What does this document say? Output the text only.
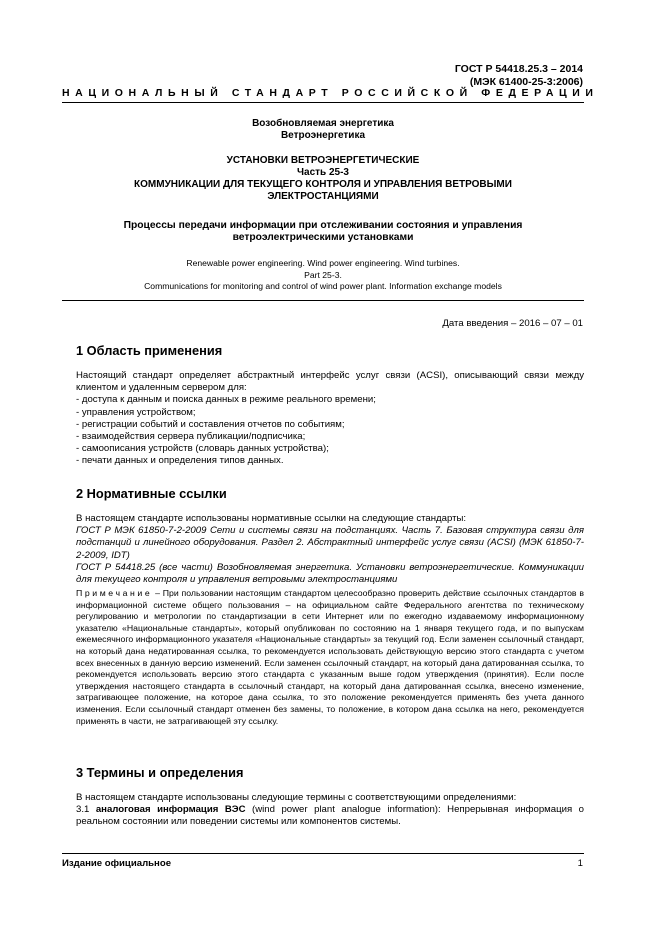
ГОСТ Р 54418.25.3 – 2014
(МЭК 61400-25-3:2006)
НАЦИОНАЛЬНЫЙ СТАНДАРТ РОССИЙСКОЙ ФЕДЕРАЦИИ
Возобновляемая энергетика
Ветроэнергетика
УСТАНОВКИ ВЕТРОЭНЕРГЕТИЧЕСКИЕ
Часть 25-3
КОММУНИКАЦИИ ДЛЯ ТЕКУЩЕГО КОНТРОЛЯ И УПРАВЛЕНИЯ ВЕТРОВЫМИ
ЭЛЕКТРОСТАНЦИЯМИ
Процессы передачи информации при отслеживании состояния и управления
ветроэлектрическими установками
Renewable power engineering. Wind power engineering. Wind turbines.
Part 25-3.
Communications for monitoring and control of wind power plant. Information exchange models
Дата введения – 2016 – 07 – 01
1 Область применения

Настоящий стандарт определяет абстрактный интерфейс услуг связи (ACSI), описывающий связи между клиентом и удаленным сервером для:

- доступа к данным и поиска данных в режиме реального времени;

- управления устройством;

- регистрации событий и составления отчетов по событиям;

- взаимодействия сервера публикации/подписчика;

- самоописания устройств (словарь данных устройства);

- печати данных и определения типов данных.

2 Нормативные ссылки

В настоящем стандарте использованы нормативные ссылки на следующие стандарты:

ГОСТ Р МЭК 61850-7-2-2009 Сети и системы связи на подстанциях. Часть 7. Базовая структура связи для подстанций и линейного оборудования. Раздел 2. Абстрактный интерфейс услуг связи (ACSI) (МЭК 61850-7-2-2009, IDT)

ГОСТ Р 54418.25 (все части) Возобновляемая энергетика. Установки ветроэнергетические. Коммуникации для текущего контроля и управления ветровыми электростанциями

Примечание – При пользовании настоящим стандартом целесообразно проверить действие ссылочных стандартов в информационной системе общего пользования – на официальном сайте Федерального агентства по техническому регулированию и метрологии по стандартизации в сети Интернет или по ежегодно издаваемому информационному указателю «Национальные стандарты», который опубликован по состоянию на 1 января текущего года, и по выпускам ежемесячного информационного указателя «Национальные стандарты» за текущий год. Если заменен ссылочный стандарт, на который дана недатированная ссылка, то рекомендуется использовать действующую версию этого стандарта с учетом всех внесенных в данную версию изменений. Если заменен ссылочный стандарт, на который дана датированная ссылка, то рекомендуется использовать версию этого стандарта с указанным выше годом утверждения (принятия). Если после утверждения настоящего стандарта в ссылочный стандарт, на который дана датированная ссылка, внесено изменение, затрагивающее положение, на которое дана ссылка, то это положение рекомендуется применять без учета данного изменения. Если ссылочный стандарт отменен без замены, то положение, в котором дана ссылка на него, рекомендуется применять в части, не затрагивающей эту ссылку.
3 Термины и определения

В настоящем стандарте использованы следующие термины с соответствующими определениями:

3.1 аналоговая информация ВЭС (wind power plant analogue information): Непрерывная информация о реальном состоянии или поведении системы или компонентов системы.

Издание официальное	1
